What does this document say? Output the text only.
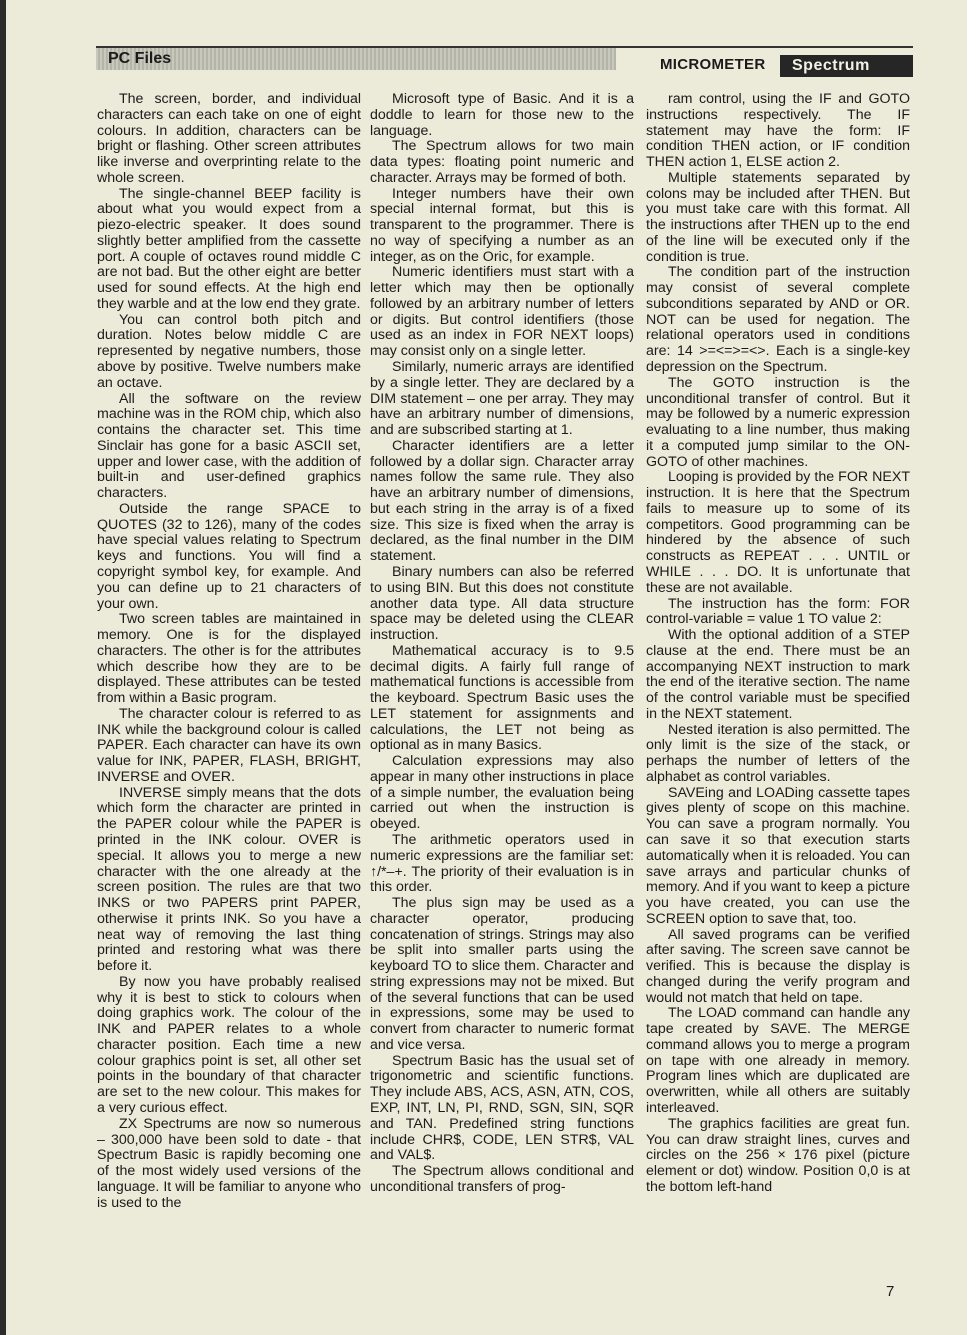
PC Files	MICROMETER	Spectrum

The screen, border, and individual characters can each take on one of eight colours. In addition, characters can be bright or flashing. Other screen attributes like inverse and overprinting relate to the whole screen.

The single-channel BEEP facility is about what you would expect from a piezo-electric speaker. It does sound slightly better amplified from the cassette port. A couple of octaves round middle C are not bad. But the other eight are better used for sound effects. At the high end they warble and at the low end they grate.

You can control both pitch and duration. Notes below middle C are represented by negative numbers, those above by positive. Twelve numbers make an octave.

All the software on the review machine was in the ROM chip, which also contains the character set. This time Sinclair has gone for a basic ASCII set, upper and lower case, with the addition of built-in and user-defined graphics characters.

Outside the range SPACE to QUOTES (32 to 126), many of the codes have special values relating to Spectrum keys and functions. You will find a copyright symbol key, for example. And you can define up to 21 characters of your own.

Two screen tables are maintained in memory. One is for the displayed characters. The other is for the attributes which describe how they are to be displayed. These attributes can be tested from within a Basic program.

The character colour is referred to as INK while the background colour is called PAPER. Each character can have its own value for INK, PAPER, FLASH, BRIGHT, INVERSE and OVER.

INVERSE simply means that the dots which form the character are printed in the PAPER colour while the PAPER is printed in the INK colour. OVER is special. It allows you to merge a new character with the one already at the screen position. The rules are that two INKS or two PAPERS print PAPER, otherwise it prints INK. So you have a neat way of removing the last thing printed and restoring what was there before it.

By now you have probably realised why it is best to stick to colours when doing graphics work. The colour of the INK and PAPER relates to a whole character position. Each time a new colour graphics point is set, all other set points in the boundary of that character are set to the new colour. This makes for a very curious effect.

ZX Spectrums are now so numerous – 300,000 have been sold to date - that Spectrum Basic is rapidly becoming one of the most widely used versions of the language. It will be familiar to anyone who is used to the

Microsoft type of Basic. And it is a doddle to learn for those new to the language.

The Spectrum allows for two main data types: floating point numeric and character. Arrays may be formed of both.

Integer numbers have their own special internal format, but this is transparent to the programmer. There is no way of specifying a number as an integer, as on the Oric, for example.

Numeric identifiers must start with a letter which may then be optionally followed by an arbitrary number of letters or digits. But control identifiers (those used as an index in FOR NEXT loops) may consist only on a single letter.

Similarly, numeric arrays are identified by a single letter. They are declared by a DIM statement – one per array. They may have an arbitrary number of dimensions, and are subscribed starting at 1.

Character identifiers are a letter followed by a dollar sign. Character array names follow the same rule. They also have an arbitrary number of dimensions, but each string in the array is of a fixed size. This size is fixed when the array is declared, as the final number in the DIM statement.

Binary numbers can also be referred to using BIN. But this does not constitute another data type. All data structure space may be deleted using the CLEAR instruction.

Mathematical accuracy is to 9.5 decimal digits. A fairly full range of mathematical functions is accessible from the keyboard. Spectrum Basic uses the LET statement for assignments and calculations, the LET not being as optional as in many Basics.

Calculation expressions may also appear in many other instructions in place of a simple number, the evaluation being carried out when the instruction is obeyed.

The arithmetic operators used in numeric expressions are the familiar set: ↑/*–+. The priority of their evaluation is in this order.

The plus sign may be used as a character operator, producing concatenation of strings. Strings may also be split into smaller parts using the keyboard TO to slice them. Character and string expressions may not be mixed. But of the several functions that can be used in expressions, some may be used to convert from character to numeric format and vice versa.

Spectrum Basic has the usual set of trigonometric and scientific functions. They include ABS, ACS, ASN, ATN, COS, EXP, INT, LN, PI, RND, SGN, SIN, SQR and TAN. Predefined string functions include CHR$, CODE, LEN STR$, VAL and VAL$.

The Spectrum allows conditional and unconditional transfers of prog-

ram control, using the IF and GOTO instructions respectively. The IF statement may have the form: IF condition THEN action, or IF condition THEN action 1, ELSE action 2.

Multiple statements separated by colons may be included after THEN. But you must take care with this format. All the instructions after THEN up to the end of the line will be executed only if the condition is true.

The condition part of the instruction may consist of several complete subconditions separated by AND or OR. NOT can be used for negation. The relational operators used in conditions are: 14 >=<=>=<>. Each is a single-key depression on the Spectrum.

The GOTO instruction is the unconditional transfer of control. But it may be followed by a numeric expression evaluating to a line number, thus making it a computed jump similar to the ON-GOTO of other machines.

Looping is provided by the FOR NEXT instruction. It is here that the Spectrum fails to measure up to some of its competitors. Good programming can be hindered by the absence of such constructs as REPEAT . . . UNTIL or WHILE . . . DO. It is unfortunate that these are not available.

The instruction has the form: FOR control-variable = value 1 TO value 2:

With the optional addition of a STEP clause at the end. There must be an accompanying NEXT instruction to mark the end of the iterative section. The name of the control variable must be specified in the NEXT statement.

Nested iteration is also permitted. The only limit is the size of the stack, or perhaps the number of letters of the alphabet as control variables.

SAVEing and LOADing cassette tapes gives plenty of scope on this machine. You can save a program normally. You can save it so that execution starts automatically when it is reloaded. You can save arrays and particular chunks of memory. And if you want to keep a picture you have created, you can use the SCREEN option to save that, too.

All saved programs can be verified after saving. The screen save cannot be verified. This is because the display is changed during the verify program and would not match that held on tape.

The LOAD command can handle any tape created by SAVE. The MERGE command allows you to merge a program on tape with one already in memory. Program lines which are duplicated are overwritten, while all others are suitably interleaved.

The graphics facilities are great fun. You can draw straight lines, curves and circles on the 256 × 176 pixel (picture element or dot) window. Position 0,0 is at the bottom left-hand

7
